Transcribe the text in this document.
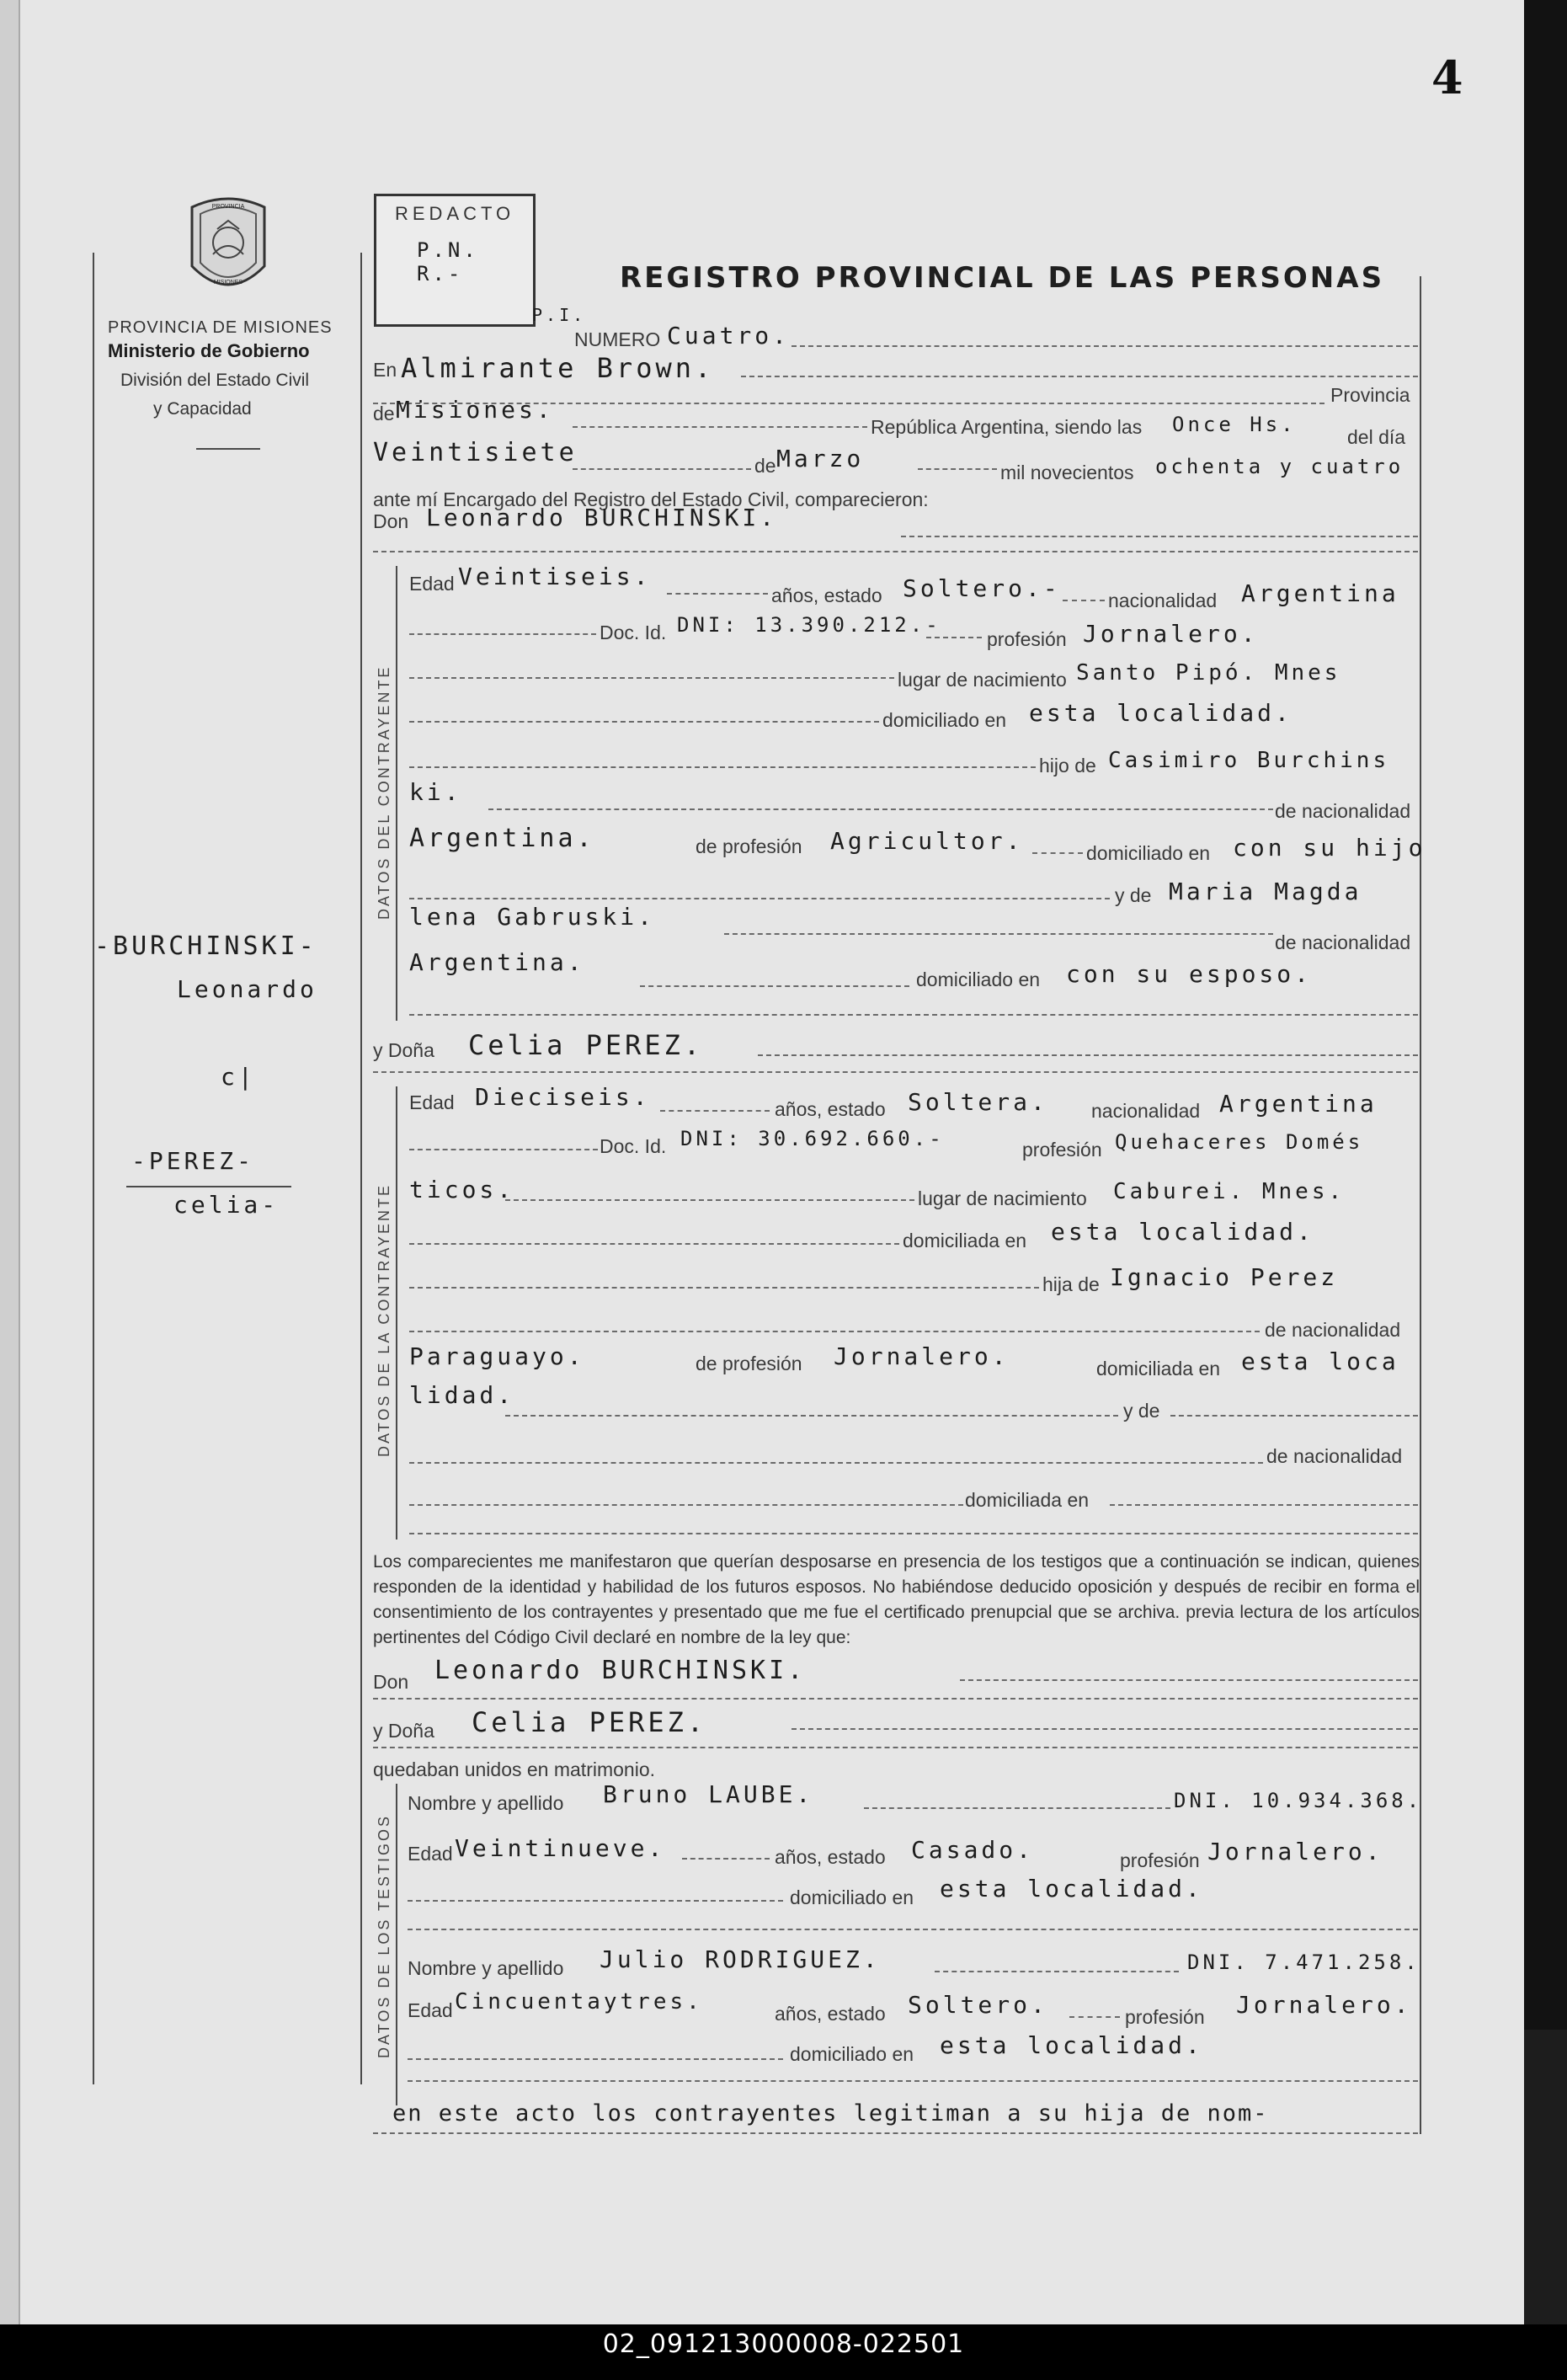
4
PROVINCIA
MISIONES
PROVINCIA DE MISIONES
Ministerio de Gobierno
División del Estado Civil
y Capacidad
REDACTO
P.N. R.-	REGISTRO PROVINCIAL DE LAS PERSONAS
P.I.
-BURCHINSKI-
Leonardo
c|
-PEREZ-
celia-
NUMERO Cuatro.
En Almirante Brown.
Provincia
de Misiones.
República Argentina, siendo las Once Hs.
del día
Veintisiete	de Marzo	mil novecientos ochenta y cuatro
ante mí Encargado del Registro del Estado Civil, comparecieron:
Don Leonardo BURCHINSKI.
DATOS DEL CONTRAYENTE
Edad Veintiseis.
años, estado Soltero.- nacionalidad Argentina
Doc. Id. DNI: 13.390.212.-
profesión Jornalero.
lugar de nacimiento Santo Pipó. Mnes
domiciliado en esta localidad.
hijo de Casimiro Burchins
ki.
de nacionalidad
Argentina.	de profesión Agricultor.	domiciliado en con su hijo
y de Maria Magda
lena Gabruski.
de nacionalidad
Argentina.
domiciliado en con su esposo.
y Doña Celia PEREZ.
DATOS DE LA CONTRAYENTE
Edad Dieciseis.	años, estado Soltera. nacionalidad Argentina
Doc. Id. DNI: 30.692.660.-	profesión Quehaceres Domés
ticos.	lugar de nacimiento Caburei. Mnes.
domiciliada en esta localidad.
hija de Ignacio Perez
de nacionalidad
Paraguayo.	de profesión Jornalero.	domiciliada en esta loca
lidad.
y de
de nacionalidad
domiciliada en
Los comparecientes me manifestaron que querían desposarse en presencia de los testigos que a continuación se indican, quienes responden de la identidad y habilidad de los futuros esposos. No habiéndose deducido oposición y después de recibir en forma el consentimiento de los contrayentes y presentado que me fue el certificado prenupcial que se archiva. previa lectura de los artículos pertinentes del Código Civil declaré en nombre de la ley que:
Don Leonardo BURCHINSKI.
y Doña Celia PEREZ.
quedaban unidos en matrimonio.
DATOS DE LOS TESTIGOS
Nombre y apellido Bruno LAUBE.	DNI. 10.934.368.
Edad Veintinueve.	años, estado Casado.	profesión Jornalero.
domiciliado en esta localidad.
Nombre y apellido Julio RODRIGUEZ.	DNI. 7.471.258.
Edad Cincuentaytres.	años, estado Soltero.	profesión Jornalero.
domiciliado en esta localidad.
en este acto los contrayentes legitiman a su hija de nom-
02_091213000008-022501
